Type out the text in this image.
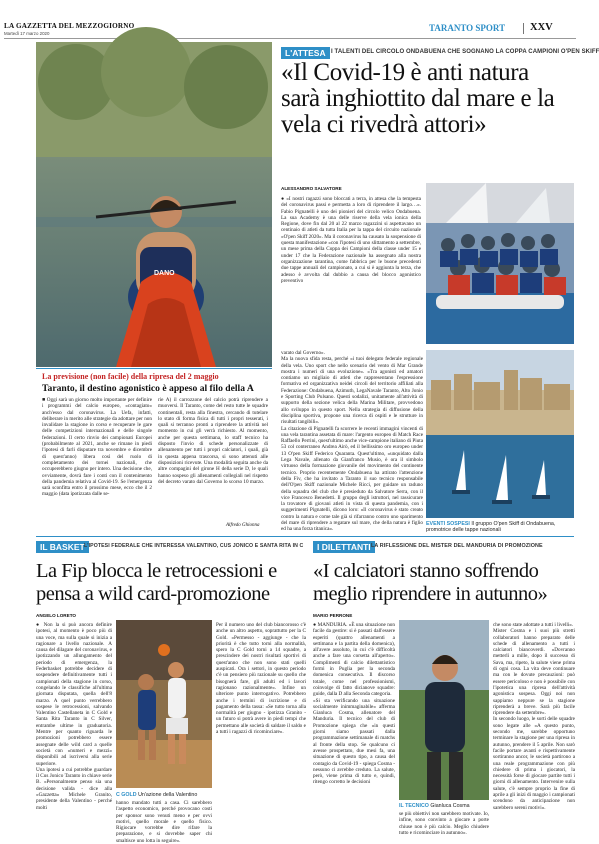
LA GAZZETTA DEL MEZZOGIORNO
Martedì 17 marzo 2020
TARANTO SPORT XXV
DANO
L'ATTESA I TALENTI DEL CIRCOLO ONDABUENA CHE SOGNANO LA COPPA CAMPIONI O'PEN SKIFF
«Il Covid-19 è anti natura sarà inghiottito dal mare e la vela ci rivedrà attori»
ALESSANDRO SALVATORE
● «I nostri ragazzi sono bloccati a terra, in attesa che la tempesta del coronavirus passi e permetta a loro di riprendere il largo…». Fabio Pignatelli è uno dei pionieri del circolo velico Ondabuena. La sua Academy è una delle riserve della vela ionica della Regione, dove fin dal 20 al 22 marzo ragazzini si aspettavano un centinaio di atleti da tutta Italia per la tappa del circuito nazionale «O'pen Skiff 2020». Ma il coronavirus ha causato la sospensione di questa manifestazione «con l'ipotesi di uno slittamento a settembre, un mese prima della Coppa dei Campioni della classe under 15 e under 17 che la Federazione nazionale ha assegnato alla nostra organizzazione tarantina, come fabbrica per le buone precedenti due tappe annuali del campionato, a cui si è aggiunta la terza, che adesso è avvolta dal dubbio a causa del blocco agonistico preventivo
varato dal Governo».
Ma la nuova sfida resta, perché «i tuoi delegato federale regionale della vela. Uno sport che nello scenario del vento di Mar Grande mostra i numeri di una evoluzione». «Tra agonisti ed amatori contiamo un migliaio di atleti che rappresentano l'espressione formativa ed organizzativa neidei circoli del territorio affiliati alla Federazione: Ondabuena, Azimuth, LegaNavale Taranto, Alto Jonio e Sporting Club Pulsano. Questi sodalizi, unitamente all'attività di supporto della sezione velica della Marina Militare, provvedono allo sviluppo in questo sport. Nella strategia di diffusione della disciplina sportiva, propone una ricerca di ospiti e le strutture in risultati tangibili».
La citazione di Pignatelli fa scorrere le recenti immagini vincenti di una vela tarantina assetata di mare: l'argento europeo di Match Race Raffaello Perrini, quest'ultimo anche vice-campione italiano di Piuta 53 col conterraneo Andrea Airò, ed il bellissimo oro europeo under 13 O'pen Skiff Federico Quaranta. Quest'ultimo, «unquidato dalla Lega Navale, allenato da Gianfranco Musio, è ora il simbolo virtuoso della formazione giovanile del movimento del continente tecnico. Proprio recentemente Ondabuena ha attirato l'attenzione della Fiv, che ha invitato a Taranto il suo tecnico responsabile dell'O'pen Skiff nazionale Michele Ricci, per guidare un raduno della squadra del club che è presieduto da Salvatore Serra, con il vice Francesco Benedetti. Il gruppo degli istruttori, nel rassicurare la trovatore di giovani atleti in vista di questa pandemia, con i suggerimenti Pignatelli, dicono loro: «Il coronavirus è stato creato contro la natura e come tale già si rifarranno contro uno sparimento del mare di riprendere a regatare sul mare, che della natura è figlio ed ha una forza titanica».
EVENTI SOSPESI Il gruppo O'pen Skiff di Ondabuena, promotrice delle tappe nazionali
La previsione (non facile) della ripresa del 2 maggio
Taranto, il destino agonistico è appeso al filo della A
■ Oggi sarà un giorno molto importante per definire i programmi del calcio europeo, «contagiato» anch'esso dal coronavirus. La Uefa, infatti, deliberare in merito alle strategie da adottare per non invalidare la stagione in corso e recuperare le gare delle competizioni internazionali e delle singole federazioni. Il certo rinvio dei campionati Europei (probabilmente al 2021, anche se rimane in piedi l'ipotesi di farli disputare tra novembre e dicembre di quest'anno) libera così del ruolo di completamento dei tornei nazionali, che occuperebbero giugno per intero. Una decisione che, ovviamente, dovrà fare i conti con il contenimento della pandemia relativa al Covid-19. Se l'emergenza sarà sconfitta entro il prossimo mese, ecco che il 2 maggio (data ipotizzata dalle se-
rie A) il carrozzone del calcio potrà riprendere a muoversi. Il Taranto, come del resto tutte le squadre continentali, resta alla finestra, cercando di tutelare lo stato di forma fisica di tutti i propri tesserati, i quali si terranno pronti a riprendere la attività nel momento in cui gli verrà richiesto. Al momento, anche per questa settimana, lo staff tecnico ha disposto l'invio di schede personalizzate di allenamento per tutti i propri calciatori, i quali, già in questa appena trascorsa, si sono attenuti alle disposizioni ricevute. Una modalità seguita anche da altre compagini del girone H della serie D, le quali hanno sospeso gli allenamenti collegiali nel rispetto del decreto varato dal Governo lo scorso 10 marzo.
Alfredo Ghionna
IL BASKET L'IPOTESI FEDERALE CHE INTERESSA VALENTINO, CUS JONICO E SANTA RITA IN C
La Fip blocca le retrocessioni e pensa a wild card-promozione
ANGELO LORETO
● Non la si può ancora definire ipotesi, al momento è poco più di una voce, ma sulla quale si inizia a ragionare a livello nazionale. A causa del dilagare del coronavirus, e ipotizzando un allungamento del periodo di emergenza, la Federbasket potrebbe decidere di sospendere definitivamente tutti i campionati della stagione in corso, congelando le classifiche all'ultima giornata disputata, quella dell'8 marzo. A quel punto verrebbero sospese le retrocessioni, salvando Valentino Castellaneta in C Gold e Santa Rita Taranto in C Silver, entrambe ultime in graduatoria. Mentre per quanto riguarda le promozioni potrebbero essere assegnate delle wild card a quelle società con «numeri e mezzi» disponibili ad iscriversi alla serie superiore.
Una ipotesi a cui potrebbe guardare il Cus Jonico Taranto in chiave serie B. «Personalmente penso sia una decisione valida - dice alla «Gazzetta» Michele Granito, presidente della Valentino - perché molti
C GOLD Un'azione della Valentino
hanno mandato tutti a casa. Ci sarebbero l'aspetto economico, perché provocano costi per sponsor sono venuti meno e per ovvi motivi, quello morale e quello fisico. Rigiocare vorrebbe dire rifare la preparazione, e si dovrebbe saper chi smaltisce uno lotta in seguire».
Per il numero uno del club biancorosso c'è anche un altro aspetto, soprattutto per la C Gold. «Permesso - aggiunge - che la priorità è che tutto torni alla normalità, spero la C Gold torni a 14 squadre, a prescindere dei nostri risultati sportivi di quest'anno che non sono stati quelli auspicati. Ora i settori, in questo periodo c'è un pensiero più razionale su quello che bisognerà fare, gli adulti ed i lavori ragionano razionalmente». Infine un ulteriore punto interrogativo. Potrebbero anche i termini di iscrizione e di pagamento della tassa: «Se tutto torna alla normalità per giugno - ipotizza Granito - un futuro si potrà avere in piedi tempi che permettano alle società di saldare il saldo e a tutti i ragazzi di ricominciare».
I DILETTANTI LA RIFLESSIONE DEL MISTER DEL MANDURIA DI PROMOZIONE
«I calciatori stanno soffrendo meglio riprendere in autunno»
MARIO PERRONE
● MANDURIA. «È una situazione non facile da gestire: si è passati dall'essere esperiti (quattro allenamenti a settimana e la partita della domenica), all'avere assoluto, in cui c'è difficoltà anche a fare una corsetta all'aperto». Complimenti di calcio dilettantistico formi in Puglia per la seconda domenica consecutiva. Il discorso totale, come nel professionismi, coinvolge di fatto dicianove squadre: guide, dalla D alla Seconda categoria.
«Si sta verificando una situazione socialmente inimmaginabile» afferma Gianluca Cosma, allenatore del Manduria. Il tecnico del club di Promozione spiega che «in questi giorni siamo passati dalla programmazione settimanale di matchs al fronte della stop. Se qualcuno ci avesse prospettato, due mesi fa, una situazione di questo tipo, a causa del contagio da Covid-19 - spiega Cosma - nessuno ci avrebbe creduto. La salute, però, viene prima di tutto e, quindi, ritengo corretto le decisioni
IL TECNICO Gianluca Cosma
che sono state adottate a tutti i livelli».
Mister Cosma e i suoi più stretti collaboratori hanno preparato delle schede di allenamento a tutti i calciatori biancoverdi. «Dovranno metterli a mille, dopo il successo di Sava, ma, ripeto, la salute viene prima di ogni cosa. La vita deve continuare ma con le dovute precauzioni: può essere pericoloso e non è possibile con l'ipotetica una ripresa dell'attività agonistica sospesa. Oggi noi non sappiamo neppure se la stagione riprenderà a breve. Sarà più facile riprendere da settembre».
In secondo luogo, le sorti delle squadre sono legate alle «A questo punto, secondo me, sarebbe opportuno terminare la stagione per una ripresa in autunno, prendere il 5 aprile. Non sarò facile portare avanti e rispettivamente sortiranno ancor, le società partirono a una reale programmazione con più chiedere di prima i giocatori, la necessità forse di giocare partite tutti i giorni di allenamento. Intervenire sulla salute, c'è sempre proprio la fine di aprile a gli inizi di maggio i campionati scendono da anticipazione non sarebbero sereni motivi».
se più obiettivi non sarebbero motivate. Io, infine, sono convinto a giocare a porte chiuse non è più calcio. Meglio chiudere tutto e ricominciare in autunno».
